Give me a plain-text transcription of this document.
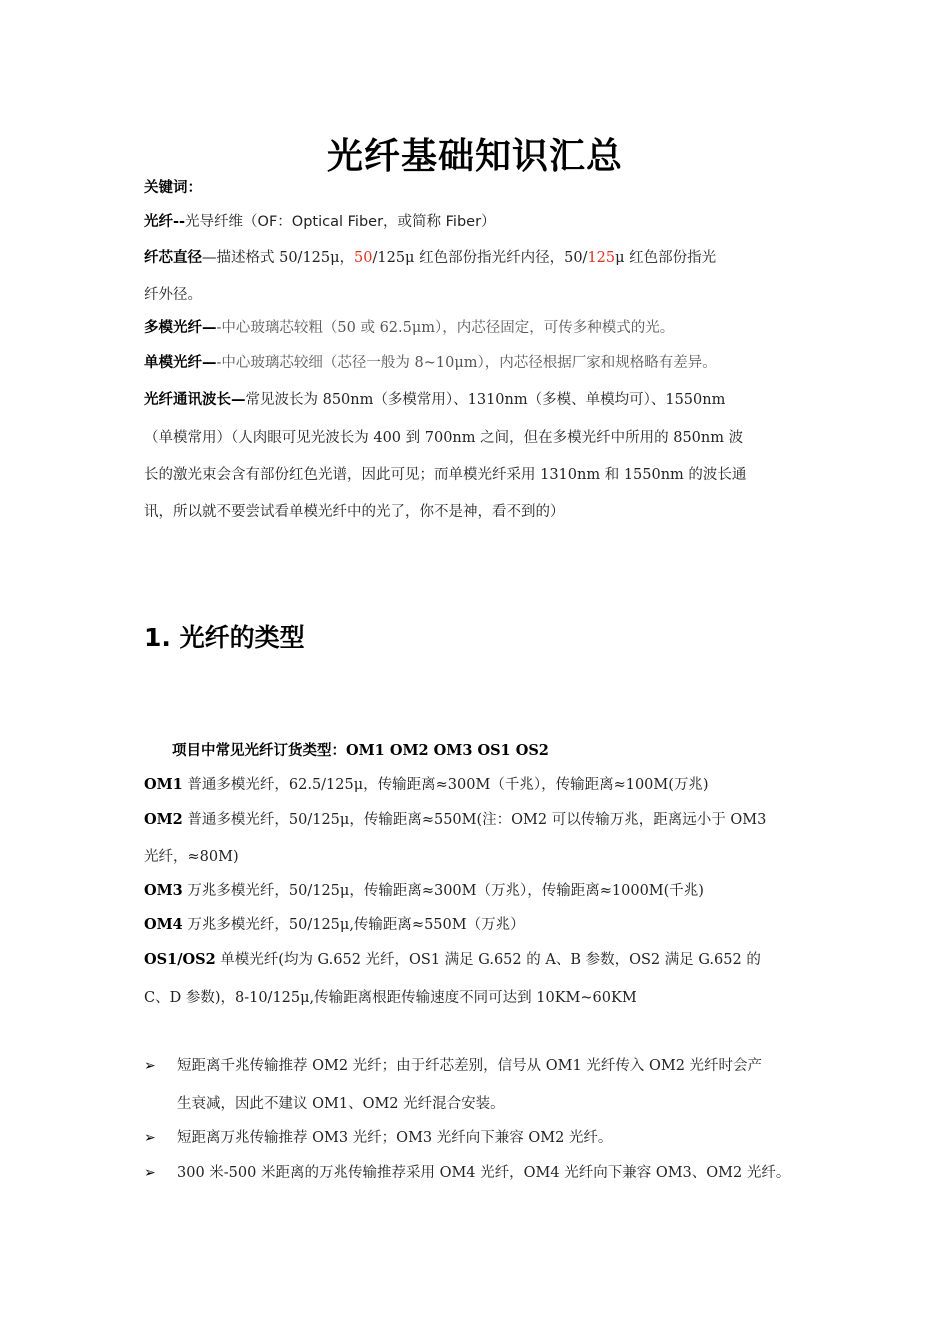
光纤基础知识汇总
关键词：
光纤--光导纤维（OF：Optical Fiber，或简称 Fiber）
纤芯直径—描述格式 50/125μ，50/125μ 红色部份指光纤内径，50/125μ 红色部份指光
纤外径。
多模光纤—-中心玻璃芯较粗（50 或 62.5μm），内芯径固定，可传多种模式的光。
单模光纤—-中心玻璃芯较细（芯径一般为 8~10μm），内芯径根据厂家和规格略有差异。
光纤通讯波长—常见波长为 850nm（多模常用）、1310nm（多模、单模均可）、1550nm
（单模常用）（人肉眼可见光波长为 400 到 700nm 之间，但在多模光纤中所用的 850nm 波
长的激光束会含有部份红色光谱，因此可见；而单模光纤采用 1310nm 和 1550nm 的波长通
讯，所以就不要尝试看单模光纤中的光了，你不是神，看不到的）
1. 光纤的类型
项目中常见光纤订货类型：OM1 OM2 OM3 OS1 OS2
OM1 普通多模光纤，62.5/125μ，传输距离≈300M（千兆），传输距离≈100M(万兆)
OM2 普通多模光纤，50/125μ，传输距离≈550M(注：OM2 可以传输万兆，距离远小于 OM3
光纤，≈80M)
OM3 万兆多模光纤，50/125μ，传输距离≈300M（万兆），传输距离≈1000M(千兆)
OM4 万兆多模光纤，50/125μ,传输距离≈550M（万兆）
OS1/OS2 单模光纤(均为 G.652 光纤，OS1 满足 G.652 的 A、B 参数，OS2 满足 G.652 的
C、D 参数)，8-10/125μ,传输距离根距传输速度不同可达到 10KM~60KM
➢	短距离千兆传输推荐 OM2 光纤；由于纤芯差别，信号从 OM1 光纤传入 OM2 光纤时会产
生衰减，因此不建议 OM1、OM2 光纤混合安装。
➢	短距离万兆传输推荐 OM3 光纤；OM3 光纤向下兼容 OM2 光纤。
➢	300 米-500 米距离的万兆传输推荐采用 OM4 光纤，OM4 光纤向下兼容 OM3、OM2 光纤。
